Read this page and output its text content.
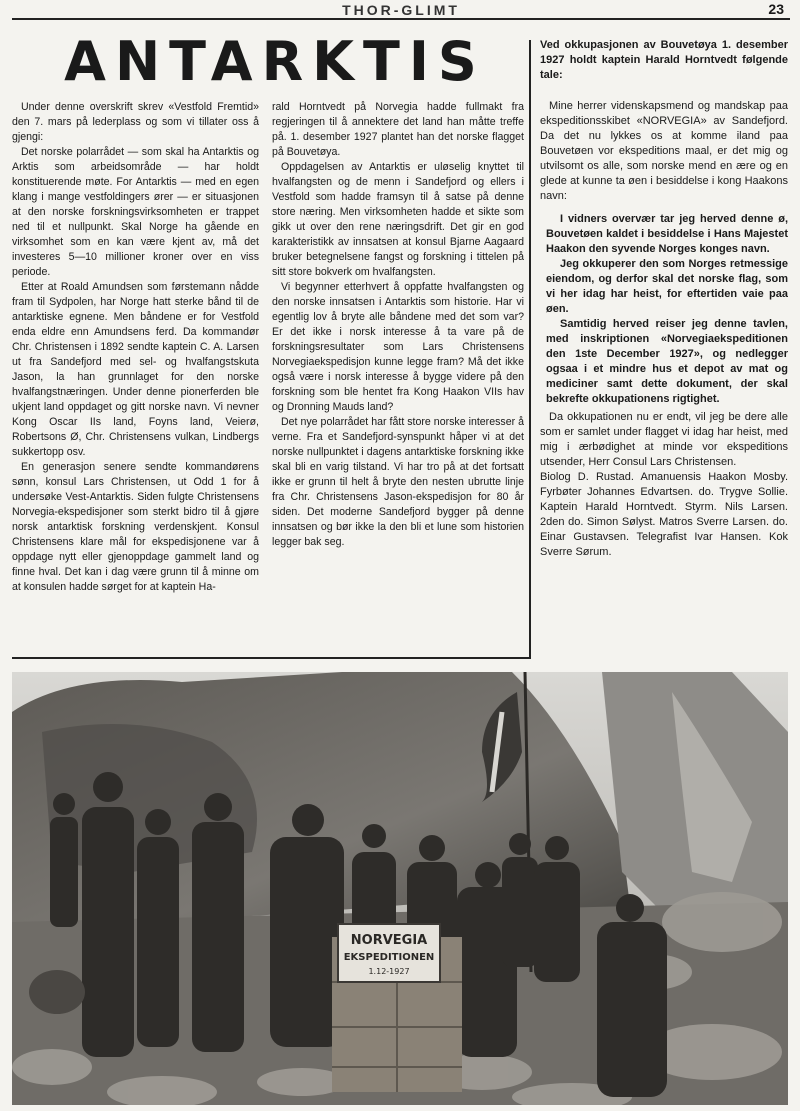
THOR-GLIMT	23
ANTARKTIS

Under denne overskrift skrev «Vestfold Fremtid» den 7. mars på lederplass og som vi tillater oss å gjengi:

Det norske polarrådet — som skal ha Antarktis og Arktis som arbeidsområde — har holdt konstituerende møte. For Antarktis — med en egen klang i mange vestfoldingers ører — er situasjonen at den norske forskningsvirksomheten er trappet ned til et nullpunkt. Skal Norge ha gående en virksomhet som en kan være kjent av, må det investeres 5—10 millioner kroner over en viss periode.

Etter at Roald Amundsen som førstemann nådde fram til Sydpolen, har Norge hatt sterke bånd til de antarktiske egnene. Men båndene er for Vestfold enda eldre enn Amundsens ferd. Da kommandør Chr. Christensen i 1892 sendte kaptein C. A. Larsen ut fra Sandefjord med sel- og hvalfangstskuta Jason, la han grunnlaget for den norske hvalfangstnæringen. Under denne pionerferden ble ukjent land oppdaget og gitt norske navn. Vi nevner Kong Oscar IIs land, Foyns land, Veierø, Robertsons Ø, Chr. Christensens vulkan, Lindbergs sukkertopp osv.

En generasjon senere sendte kommandørens sønn, konsul Lars Christensen, ut Odd 1 for å undersøke Vest-Antarktis. Siden fulgte Christensens Norvegia-ekspedisjoner som sterkt bidro til å gjøre norsk antarktisk forskning verdenskjent. Konsul Christensens klare mål for ekspedisjonene var å oppdage nytt eller gjenoppdage gammelt land og finne hval. Det kan i dag være grunn til å minne om at konsulen hadde sørget for at kaptein Ha-

rald Horntvedt på Norvegia hadde fullmakt fra regjeringen til å annektere det land han måtte treffe på. 1. desember 1927 plantet han det norske flagget på Bouvetøya.

Oppdagelsen av Antarktis er uløselig knyttet til hvalfangsten og de menn i Sandefjord og ellers i Vestfold som hadde framsyn til å satse på denne store næring. Men virksomheten hadde et sikte som gikk ut over den rene næringsdrift. Det gir en god karakteristikk av innsatsen at konsul Bjarne Aagaard bruker betegnelsene fangst og forskning i tittelen på sitt store bokverk om hvalfangsten.

Vi begynner etterhvert å oppfatte hvalfangsten og den norske innsatsen i Antarktis som historie. Har vi egentlig lov å bryte alle båndene med det som var? Er det ikke i norsk interesse å ta vare på de forskningsresultater som Lars Christensens Norvegiaekspedisjon kunne legge fram? Må det ikke også være i norsk interesse å bygge videre på den forskning som ble hentet fra Kong Haakon VIIs hav og Dronning Mauds land?

Det nye polarrådet har fått store norske interesser å verne. Fra et Sandefjord-synspunkt håper vi at det norske nullpunktet i dagens antarktiske forskning ikke skal bli en varig tilstand. Vi har tro på at det fortsatt ikke er grunn til helt å bryte den nesten ubrutte linje fra Chr. Christensens Jason-ekspedisjon for 80 år siden. Det moderne Sandefjord bygger på denne innsatsen og bør ikke la den bli et lune som historien legger bak seg.

Ved okkupasjonen av Bouvetøya 1. desember 1927 holdt kaptein Harald Horntvedt følgende tale:

Mine herrer videnskapsmend og mandskap paa ekspeditionsskibet «NORVEGIA» av Sandefjord. Da det nu lykkes os at komme iland paa Bouvetøen vor ekspeditions maal, er det mig og utvilsomt os alle, som norske mend en ære og en glede at kunne ta øen i besiddelse i kong Haakons navn:

I vidners overvær tar jeg herved denne ø, Bouvetøen kaldet i besiddelse i Hans Majestet Haakon den syvende Norges konges navn.

Jeg okkuperer den som Norges retmessige eiendom, og derfor skal det norske flag, som vi her idag har heist, for eftertiden vaie paa øen.

Samtidig herved reiser jeg denne tavlen, med inskriptionen «Norvegiaekspeditionen den 1ste December 1927», og nedlegger ogsaa i et mindre hus et depot av mat og mediciner samt dette dokument, der skal bekrefte okkupationens rigtighet.

Da okkupationen nu er endt, vil jeg be dere alle som er samlet under flagget vi idag har heist, med mig i ærbødighet at minde vor ekspeditions utsender, Herr Consul Lars Christensen.

Biolog D. Rustad. Amanuensis Haakon Mosby. Fyrbøter Johannes Edvartsen. do. Trygve Sollie. Kaptein Harald Horntvedt. Styrm. Nils Larsen. 2den do. Simon Sølyst. Matros Sverre Larsen. do. Einar Gustavsen. Telegrafist Ivar Hansen. Kok Sverre Sørum.
NORVEGIA
EKSPEDITIONEN
1.12-1927
